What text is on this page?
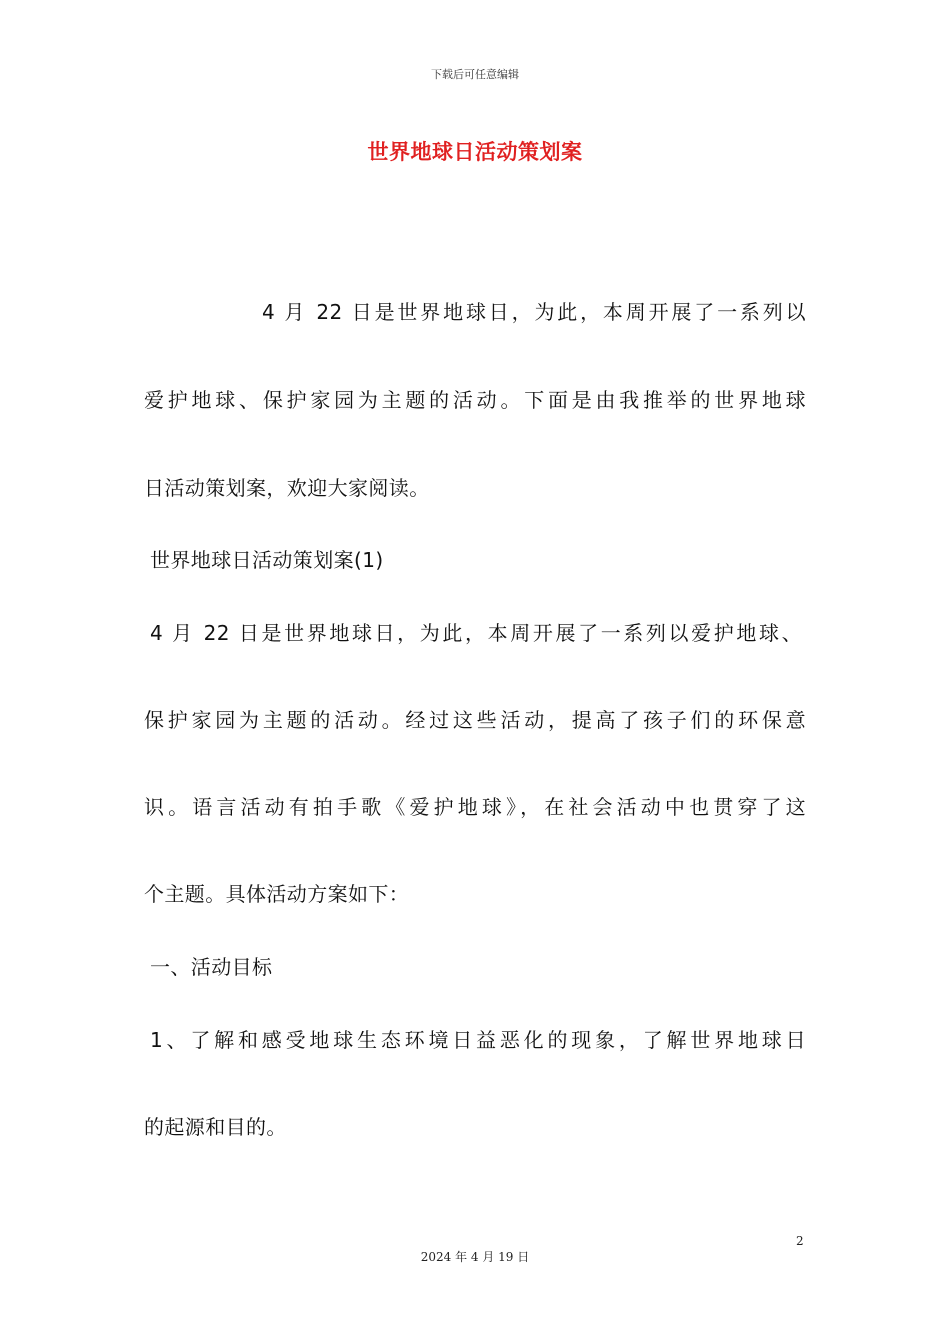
下载后可任意编辑
世界地球日活动策划案
4 月 22 日是世界地球日，为此，本周开展了一系列以
爱护地球、保护家园为主题的活动。下面是由我推举的世界地球
日活动策划案，欢迎大家阅读。
世界地球日活动策划案(1)
4 月 22 日是世界地球日，为此，本周开展了一系列以爱护地球、
保护家园为主题的活动。经过这些活动，提高了孩子们的环保意
识。语言活动有拍手歌《爱护地球》，在社会活动中也贯穿了这
个主题。具体活动方案如下：
一、活动目标
1、了解和感受地球生态环境日益恶化的现象，了解世界地球日
的起源和目的。
2
2024 年 4 月 19 日
